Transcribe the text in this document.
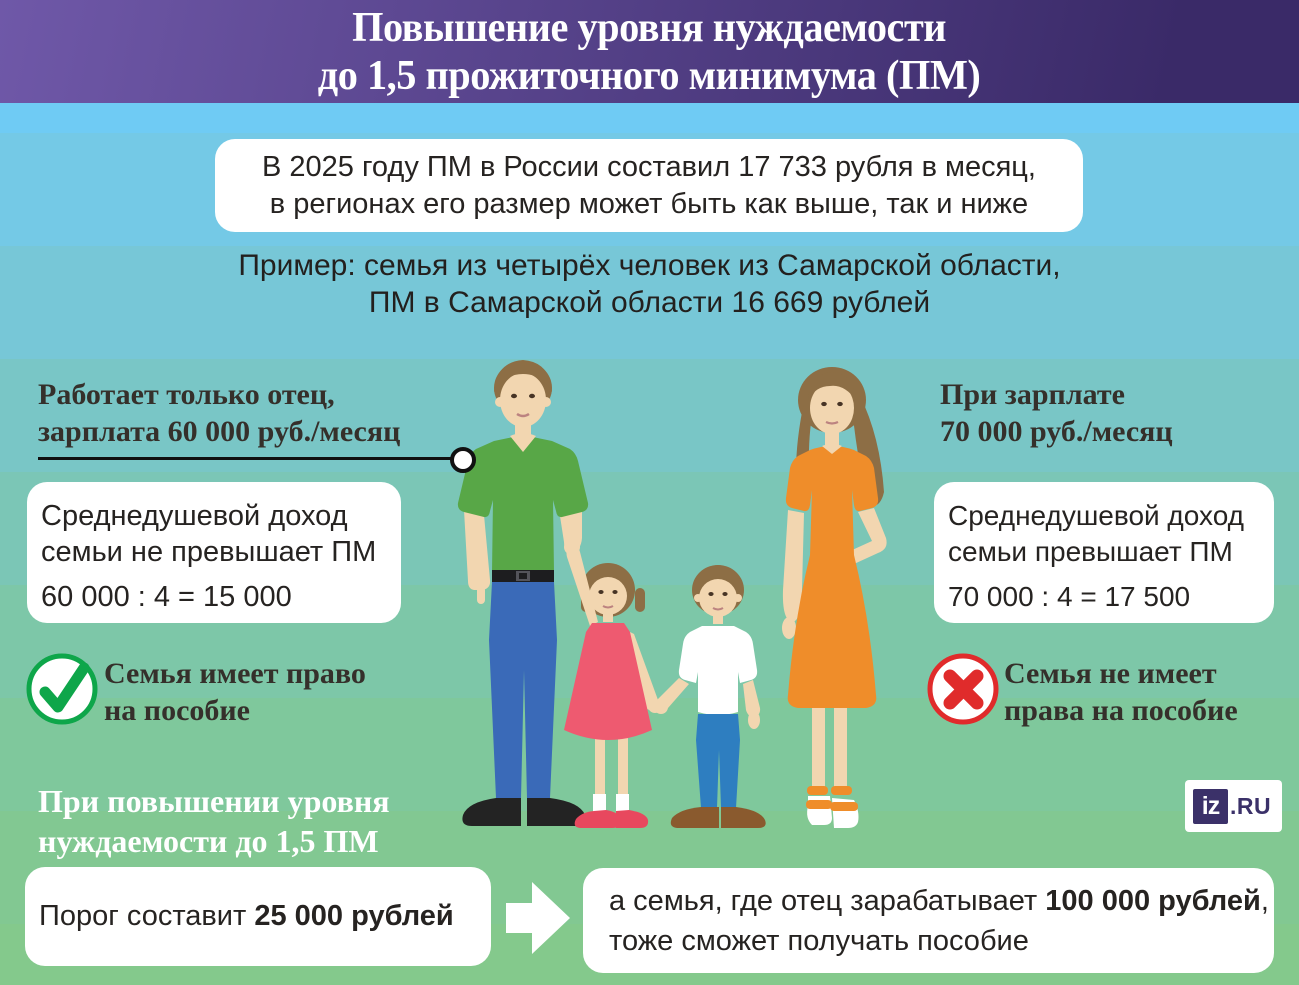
Повышение уровня нуждаемости
до 1,5 прожиточного минимума (ПМ)
В 2025 году ПМ в России составил 17 733 рубля в месяц,
в регионах его размер может быть как выше, так и ниже
Пример: семья из четырёх человек из Самарской области,
ПМ в Самарской области 16 669 рублей
Работает только отец,
зарплата 60 000 руб./месяц
Среднедушевой доход
семьи не превышает ПМ
60 000 : 4 = 15 000
Семья имеет право
на пособие
При зарплате
70 000 руб./месяц
Среднедушевой доход
семьи превышает ПМ
70 000 : 4 = 17 500
Семья не имеет
права на пособие
При повышении уровня
нуждаемости до 1,5 ПМ
Порог составит 25 000 рублей	а семья, где отец зарабатывает 100 000 рублей,
тоже сможет получать пособие
iz .RU
